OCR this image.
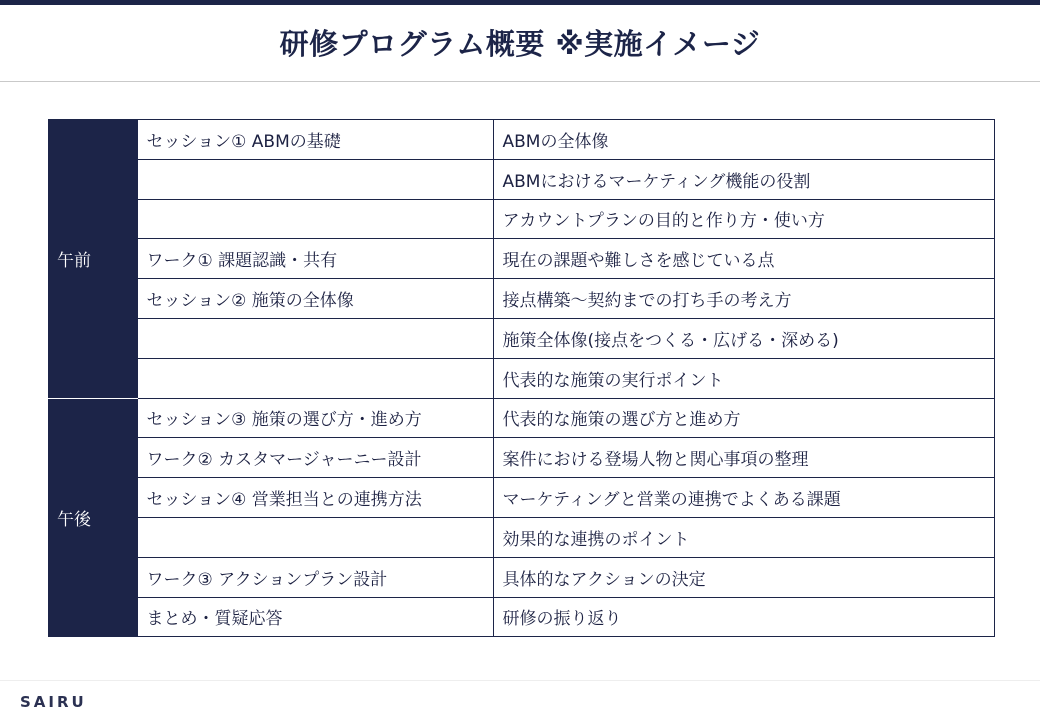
研修プログラム概要 ※実施イメージ
午前	セッション① ABMの基礎	ABMの全体像
		ABMにおけるマーケティング機能の役割
		アカウントプランの目的と作り方・使い方
	ワーク① 課題認識・共有	現在の課題や難しさを感じている点
	セッション② 施策の全体像	接点構築〜契約までの打ち手の考え方
		施策全体像(接点をつくる・広げる・深める)
		代表的な施策の実行ポイント
午後	セッション③ 施策の選び方・進め方	代表的な施策の選び方と進め方
	ワーク② カスタマージャーニー設計	案件における登場人物と関心事項の整理
	セッション④ 営業担当との連携方法	マーケティングと営業の連携でよくある課題
		効果的な連携のポイント
	ワーク③ アクションプラン設計	具体的なアクションの決定
	まとめ・質疑応答	研修の振り返り
SAIRU
